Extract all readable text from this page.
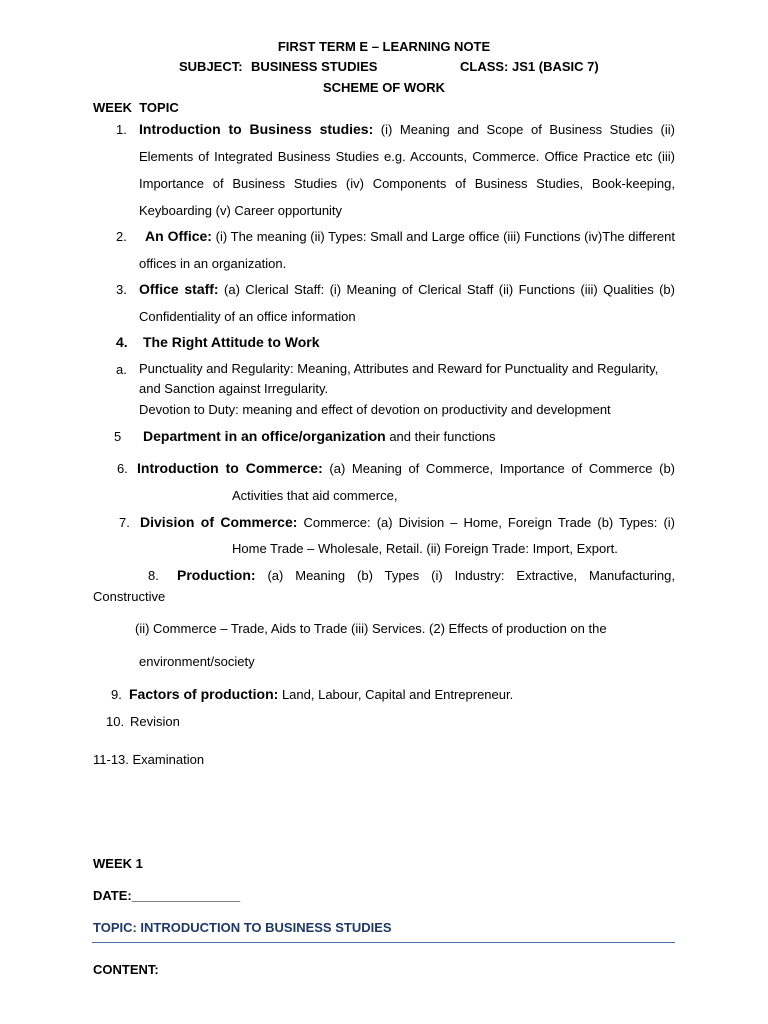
FIRST TERM E – LEARNING NOTE
SUBJECT: BUSINESS STUDIES	CLASS: JS1 (BASIC 7)
SCHEME OF WORK
WEEK  TOPIC
1. Introduction to Business studies: (i) Meaning and Scope of Business Studies (ii) Elements of Integrated Business Studies e.g. Accounts, Commerce. Office Practice etc (iii) Importance of Business Studies (iv) Components of Business Studies, Book-keeping, Keyboarding (v) Career opportunity
2.	An Office: (i) The meaning (ii) Types: Small and Large office (iii) Functions (iv)The different offices in an organization.
3. Office staff: (a) Clerical Staff: (i) Meaning of Clerical Staff (ii) Functions (iii) Qualities (b) Confidentiality of an office information
4. The Right Attitude to Work
a. Punctuality and Regularity: Meaning, Attributes and Reward for Punctuality and Regularity, and Sanction against Irregularity.
Devotion to Duty: meaning and effect of devotion on productivity and development
5 Department in an office/organization and their functions
6. Introduction to Commerce: (a) Meaning of Commerce, Importance of Commerce (b)
Activities that aid commerce,
7. Division of Commerce: Commerce: (a) Division – Home, Foreign Trade (b) Types: (i)
Home Trade – Wholesale, Retail. (ii) Foreign Trade: Import, Export.
8. Production: (a) Meaning (b) Types (i) Industry: Extractive, Manufacturing,
Constructive
(ii) Commerce – Trade, Aids to Trade (iii) Services. (2) Effects of production on the
environment/society
9. Factors of production: Land, Labour, Capital and Entrepreneur.
10. Revision
11-13. Examination
WEEK 1
DATE:_______________
TOPIC: INTRODUCTION TO BUSINESS STUDIES
CONTENT:
